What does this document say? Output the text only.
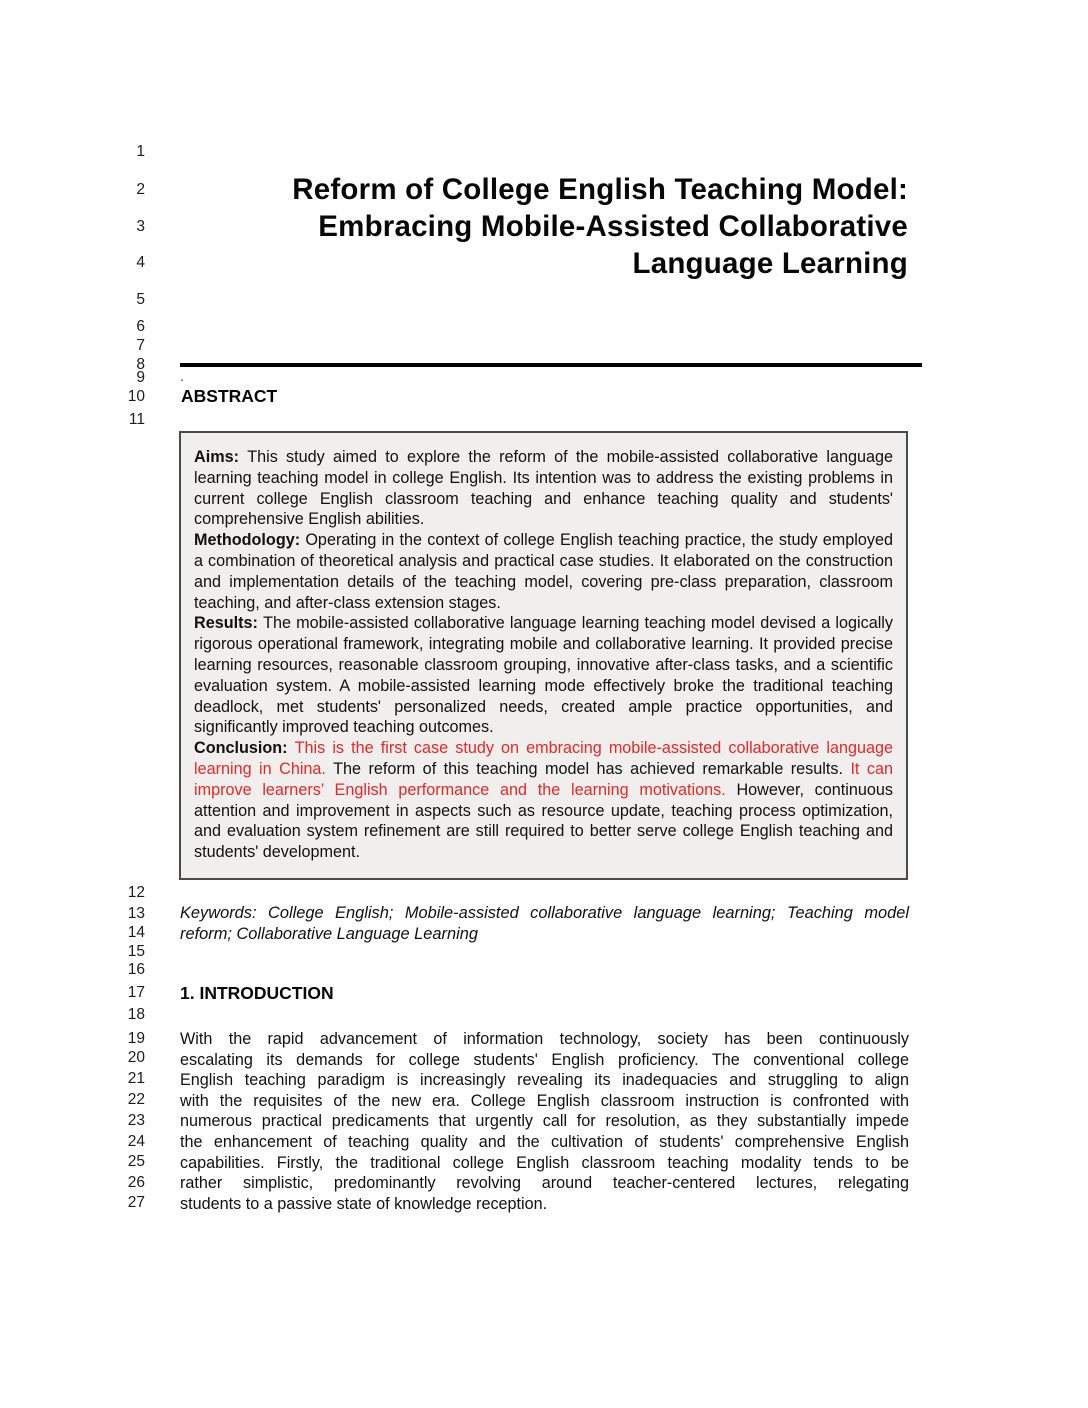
1
2
3
4
5
6
7
8
9
10
11
12
13
14
15
16
17
18
19
20
21
22
23
24
25
26
27
Reform of College English Teaching Model:
Embracing Mobile-Assisted Collaborative
Language Learning
.
ABSTRACT

Aims: This study aimed to explore the reform of the mobile-assisted collaborative language learning teaching model in college English. Its intention was to address the existing problems in current college English classroom teaching and enhance teaching quality and students' comprehensive English abilities.

Methodology: Operating in the context of college English teaching practice, the study employed a combination of theoretical analysis and practical case studies. It elaborated on the construction and implementation details of the teaching model, covering pre-class preparation, classroom teaching, and after-class extension stages.

Results: The mobile-assisted collaborative language learning teaching model devised a logically rigorous operational framework, integrating mobile and collaborative learning. It provided precise learning resources, reasonable classroom grouping, innovative after-class tasks, and a scientific evaluation system. A mobile-assisted learning mode effectively broke the traditional teaching deadlock, met students' personalized needs, created ample practice opportunities, and significantly improved teaching outcomes.

Conclusion: This is the first case study on embracing mobile-assisted collaborative language learning in China. The reform of this teaching model has achieved remarkable results. It can improve learners’ English performance and the learning motivations. However, continuous attention and improvement in aspects such as resource update, teaching process optimization, and evaluation system refinement are still required to better serve college English teaching and students' development.

Keywords: College English; Mobile-assisted collaborative language learning; Teaching model
reform; Collaborative Language Learning
1. INTRODUCTION
With the rapid advancement of information technology, society has been continuously
escalating its demands for college students' English proficiency. The conventional college
English teaching paradigm is increasingly revealing its inadequacies and struggling to align
with the requisites of the new era. College English classroom instruction is confronted with
numerous practical predicaments that urgently call for resolution, as they substantially impede
the enhancement of teaching quality and the cultivation of students' comprehensive English
capabilities. Firstly, the traditional college English classroom teaching modality tends to be
rather simplistic, predominantly revolving around teacher-centered lectures, relegating
students to a passive state of knowledge reception.
